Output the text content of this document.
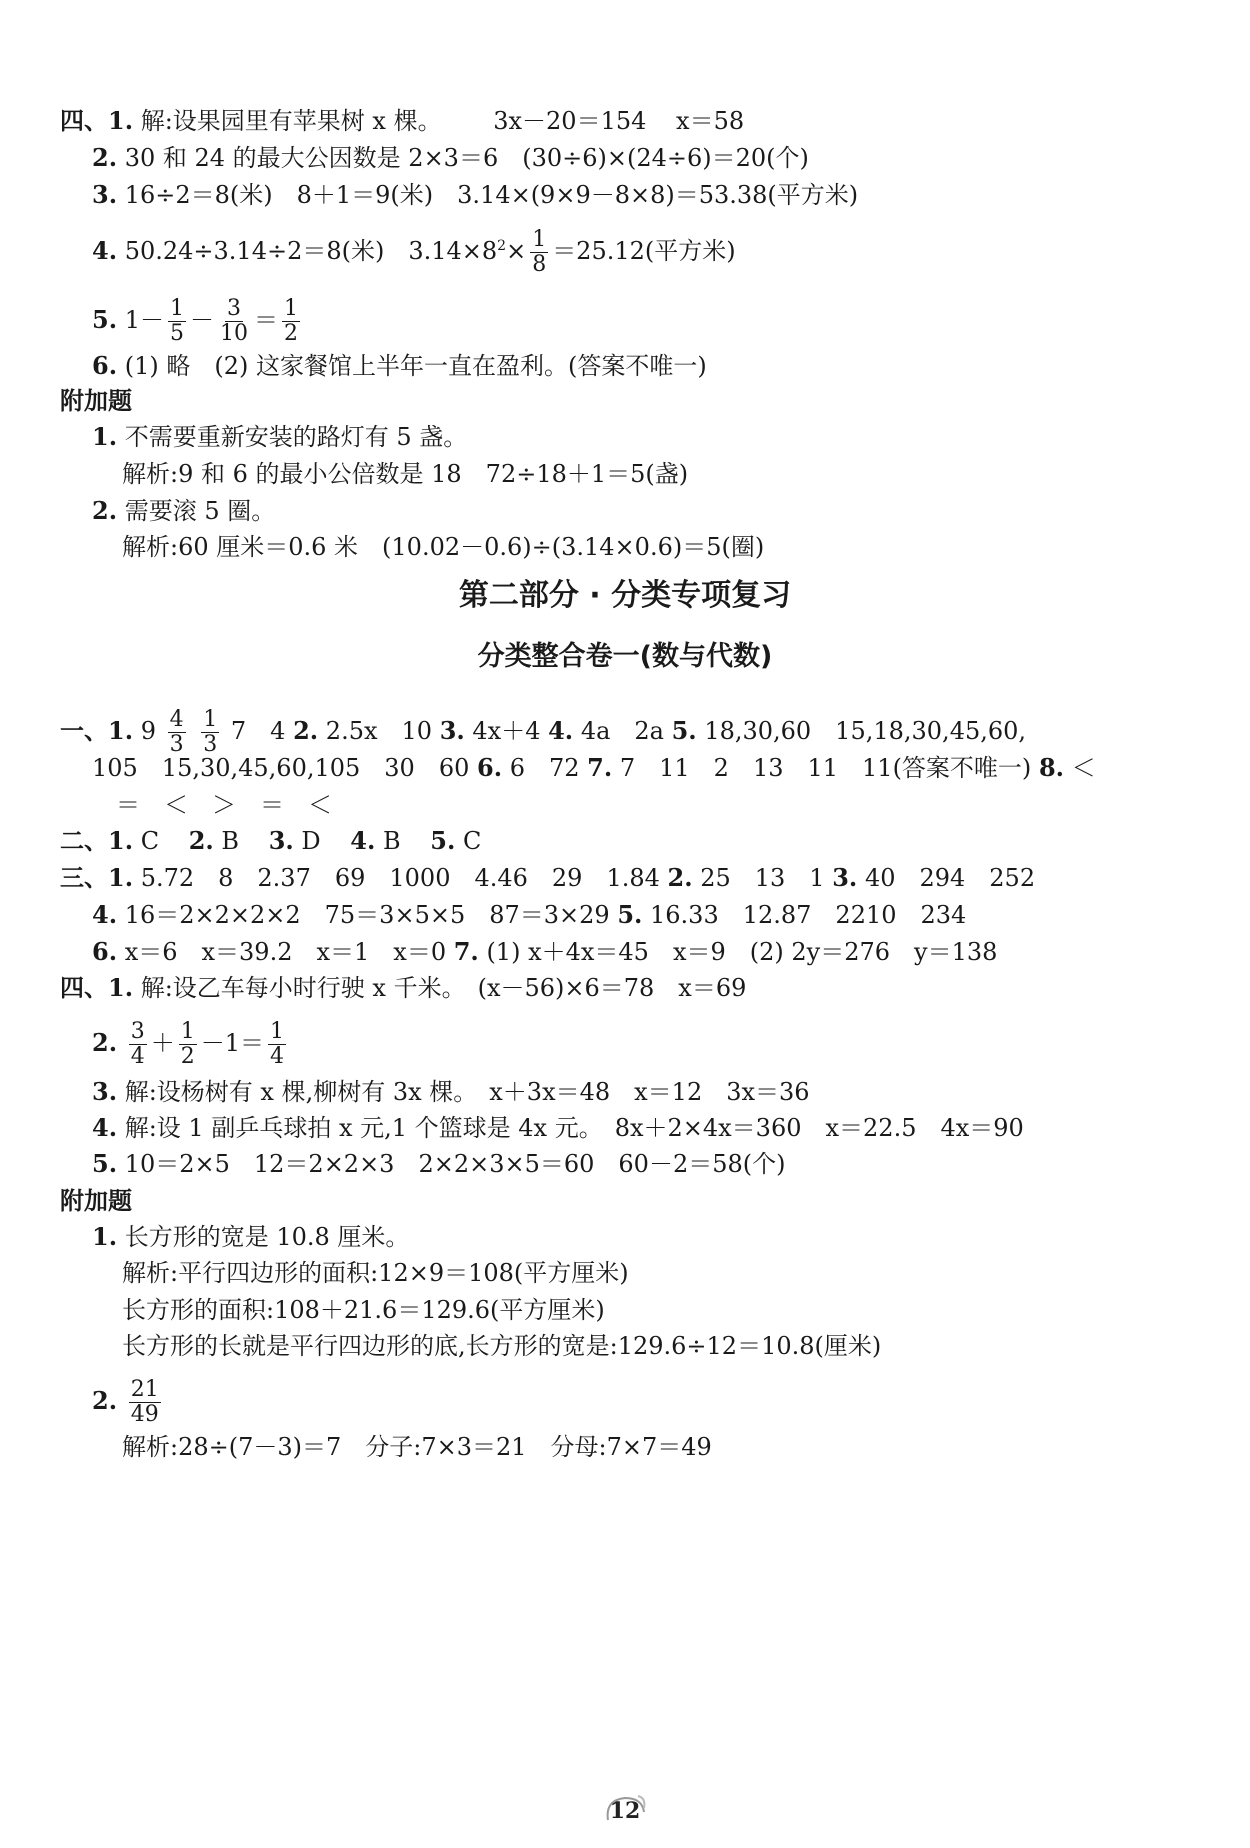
四、1. 解:设果园里有苹果树 x 棵。 3x－20＝154 x＝58
2. 30 和 24 的最大公因数是 2×3＝6　(30÷6)×(24÷6)＝20(个)
3. 16÷2＝8(米)　8＋1＝9(米)　3.14×(9×9－8×8)＝53.38(平方米)
4. 50.24÷3.14÷2＝8(米)　$3.14\times 8^2\times \frac{1}{8} =25.12$(平方米)
5. $1- \frac{1}{5} - \frac{3}{10} = \frac{1}{2}$
6. (1) 略　(2) 这家餐馆上半年一直在盈利。(答案不唯一)
附加题
1. 不需要重新安装的路灯有 5 盏。
解析:9 和 6 的最小公倍数是 18　72÷18＋1＝5(盏)
2. 需要滚 5 圈。
解析:60 厘米＝0.6 米　(10.02－0.6)÷(3.14×0.6)＝5(圈)
第二部分 · 分类专项复习
分类整合卷一(数与代数)
一、1. $9 \frac{4}{3}$
$\frac{1}{3} 7$　4 2. 2.5x　10 3. 4x＋4 4. 4a　2a 5. 18,30,60　15,18,30,45,60,
105　15,30,45,60,105　30　60 6. 6　72 7. 7　11　2　13　11　11(答案不唯一) 8. ＜
＝　＜　＞　＝　＜
二、1. C 2. B 3. D 4. B 5. C
三、1. 5.72　8　2.37　69　1000　4.46　29　1.84 2. 25　13　1 3. 40　294　252
4. 16＝2×2×2×2　75＝3×5×5　87＝3×29 5. 16.33　12.87　2210　234
6. x＝6　x＝39.2　x＝1　x＝0 7. (1) x＋4x＝45　x＝9　(2) 2y＝276　y＝138
四、1. 解:设乙车每小时行驶 x 千米。　(x－56)×6＝78　x＝69
2. $\frac{3}{4} + \frac{1}{2} -1= \frac{1}{4}$
3. 解:设杨树有 x 棵,柳树有 3x 棵。　x＋3x＝48　x＝12　3x＝36
4. 解:设 1 副乒乓球拍 x 元,1 个篮球是 4x 元。　8x＋2×4x＝360　x＝22.5　4x＝90
5. 10＝2×5　12＝2×2×3　2×2×3×5＝60　60－2＝58(个)
附加题
1. 长方形的宽是 10.8 厘米。
解析:平行四边形的面积:12×9＝108(平方厘米)
长方形的面积:108＋21.6＝129.6(平方厘米)
长方形的长就是平行四边形的底,长方形的宽是:129.6÷12＝10.8(厘米)
2. $\frac{21}{49}$
解析:28÷(7－3)＝7　分子:7×3＝21　分母:7×7＝49
12
